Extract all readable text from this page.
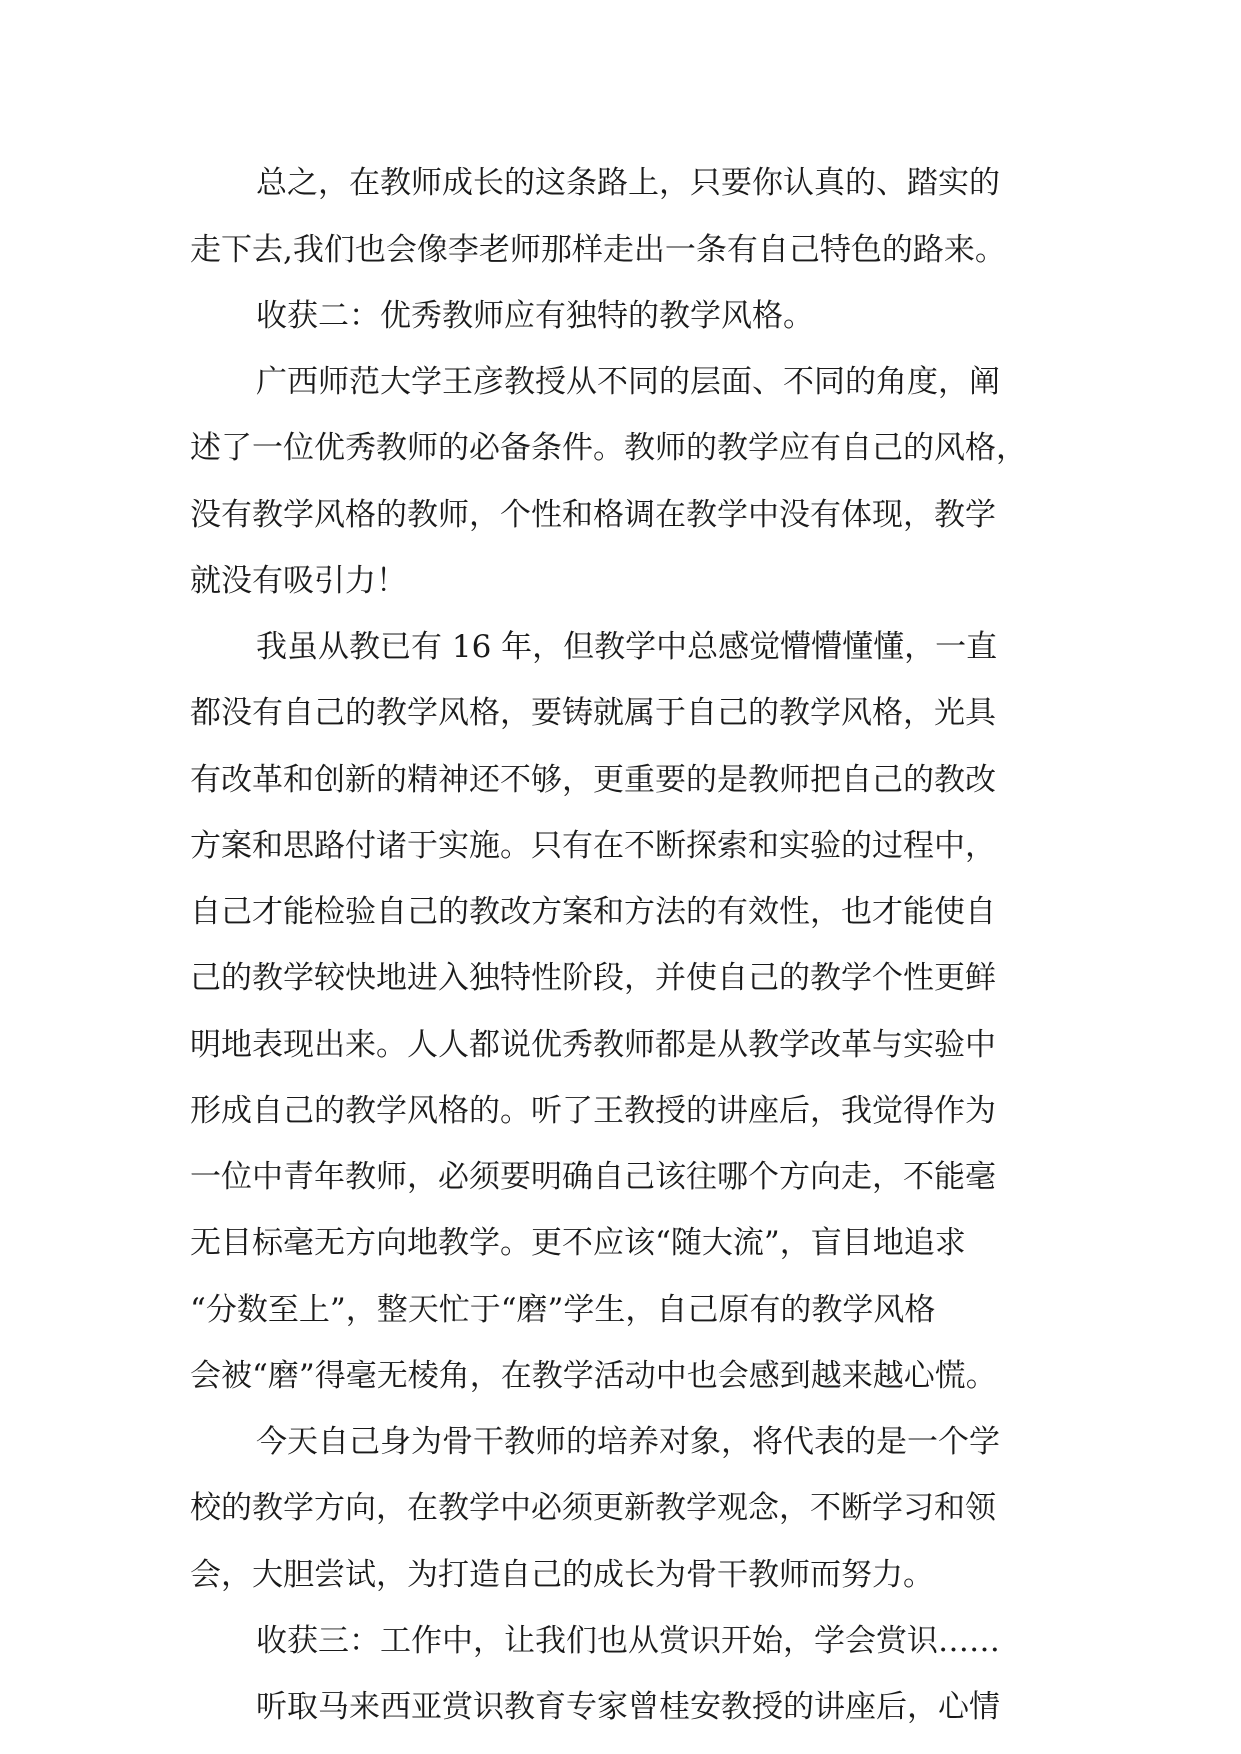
总之，在教师成长的这条路上，只要你认真的、踏实的
走下去,我们也会像李老师那样走出一条有自己特色的路来。
收获二：优秀教师应有独特的教学风格。
广西师范大学王彦教授从不同的层面、不同的角度，阐
述了一位优秀教师的必备条件。教师的教学应有自己的风格，
没有教学风格的教师，个性和格调在教学中没有体现，教学
就没有吸引力！
我虽从教已有 16 年，但教学中总感觉懵懵懂懂，一直
都没有自己的教学风格，要铸就属于自己的教学风格，光具
有改革和创新的精神还不够，更重要的是教师把自己的教改
方案和思路付诸于实施。只有在不断探索和实验的过程中，
自己才能检验自己的教改方案和方法的有效性，也才能使自
己的教学较快地进入独特性阶段，并使自己的教学个性更鲜
明地表现出来。人人都说优秀教师都是从教学改革与实验中
形成自己的教学风格的。听了王教授的讲座后，我觉得作为
一位中青年教师，必须要明确自己该往哪个方向走，不能毫
无目标毫无方向地教学。更不应该“随大流”，盲目地追求
“分数至上”，整天忙于“磨”学生，自己原有的教学风格
会被“磨”得毫无棱角，在教学活动中也会感到越来越心慌。
今天自己身为骨干教师的培养对象，将代表的是一个学
校的教学方向，在教学中必须更新教学观念，不断学习和领
会，大胆尝试，为打造自己的成长为骨干教师而努力。
收获三：工作中，让我们也从赏识开始，学会赏识……
听取马来西亚赏识教育专家曾桂安教授的讲座后，心情
